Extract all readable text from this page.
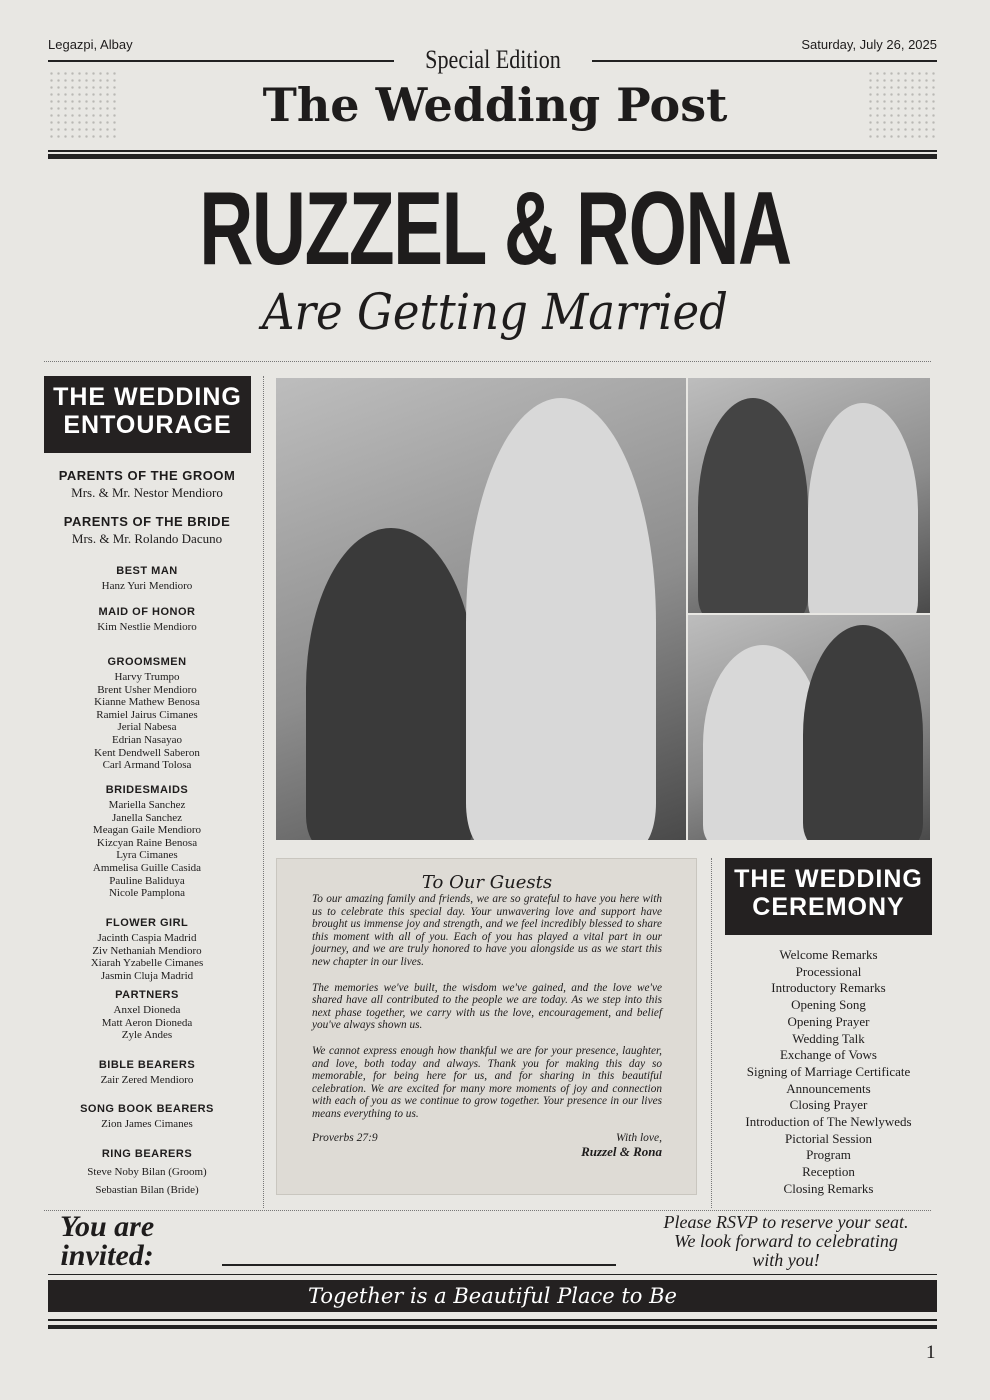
Legazpi, Albay	Saturday, July 26, 2025
Special Edition
The Wedding Post
RUZZEL & RONA
Are Getting Married
THE WEDDING
ENTOURAGE
PARENTS OF THE GROOM
Mrs. & Mr. Nestor Mendioro
PARENTS OF THE BRIDE
Mrs. & Mr. Rolando Dacuno
BEST MAN
Hanz Yuri Mendioro
MAID OF HONOR
Kim Nestlie Mendioro
GROOMSMEN
Harvy Trumpo
Brent Usher Mendioro
Kianne Mathew Benosa
Ramiel Jairus Cimanes
Jerial Nabesa
Edrian Nasayao
Kent Dendwell Saberon
Carl Armand Tolosa
BRIDESMAIDS
Mariella Sanchez
Janella Sanchez
Meagan Gaile Mendioro
Kizcyan Raine Benosa
Lyra Cimanes
Ammelisa Guille Casida
Pauline Baliduya
Nicole Pamplona
FLOWER GIRL
Jacinth Caspia Madrid
Ziv Nethaniah Mendioro
Xiarah Yzabelle Cimanes
Jasmin Cluja Madrid
PARTNERS
Anxel Dioneda
Matt Aeron Dioneda
Zyle Andes
BIBLE BEARERS
Zair Zered Mendioro
SONG BOOK BEARERS
Zion James Cimanes
RING BEARERS
Steve Noby Bilan (Groom)
Sebastian Bilan (Bride)
To Our Guests

To our amazing family and friends, we are so grateful to have you here with us to celebrate this special day. Your unwavering love and support have brought us immense joy and strength, and we feel incredibly blessed to share this moment with all of you. Each of you has played a vital part in our journey, and we are truly honored to have you alongside us as we start this new chapter in our lives.

The memories we've built, the wisdom we've gained, and the love we've shared have all contributed to the people we are today. As we step into this next phase together, we carry with us the love, encouragement, and belief you've always shown us.

We cannot express enough how thankful we are for your presence, laughter, and love, both today and always. Thank you for making this day so memorable, for being here for us, and for sharing in this beautiful celebration. We are excited for many more moments of joy and connection with each of you as we continue to grow together. Your presence in our lives means everything to us.

Proverbs 27:9	With love,
Ruzzel & Rona
THE WEDDING
CEREMONY
Welcome Remarks
Processional
Introductory Remarks
Opening Song
Opening Prayer
Wedding Talk
Exchange of Vows
Signing of Marriage Certificate
Announcements
Closing Prayer
Introduction of The Newlyweds
Pictorial Session
Program
Reception
Closing Remarks
You are
invited:
Please RSVP to reserve your seat.
We look forward to celebrating
with you!
Together is a Beautiful Place to Be
1
